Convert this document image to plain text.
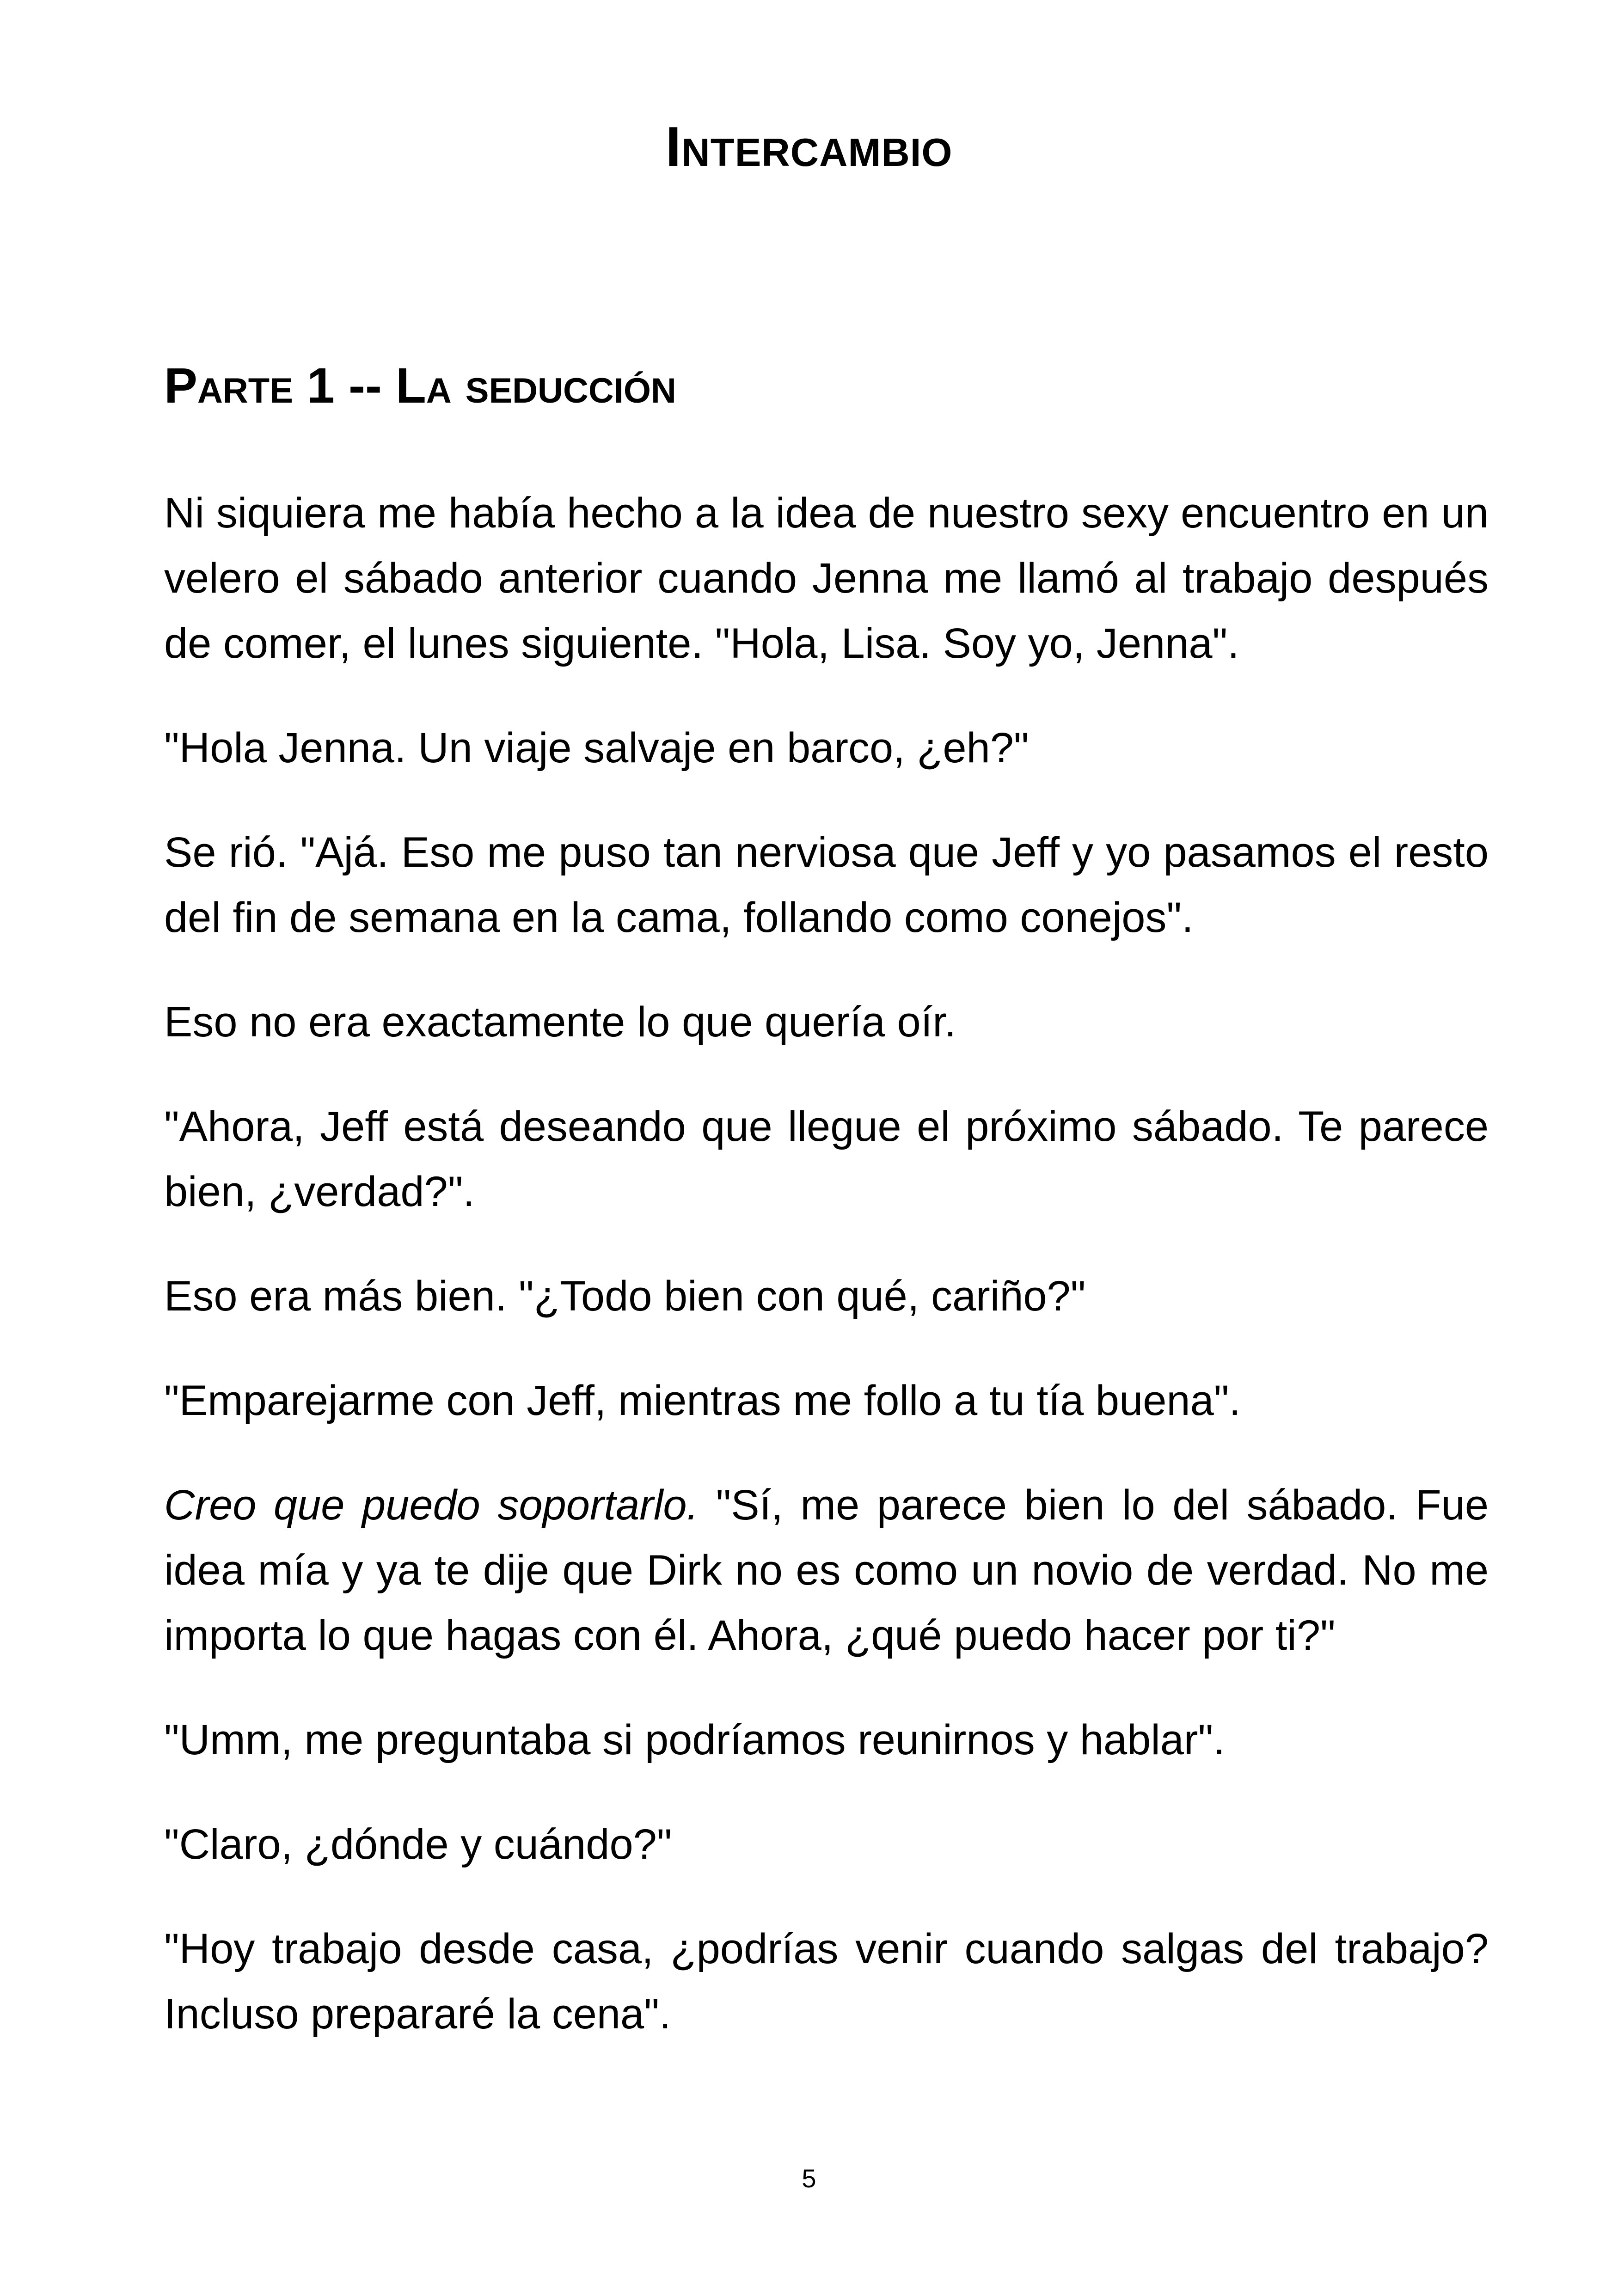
Intercambio
Parte 1 -- La seducción

Ni siquiera me había hecho a la idea de nuestro sexy encuentro en un velero el sábado anterior cuando Jenna me llamó al trabajo después de comer, el lunes siguiente. "Hola, Lisa. Soy yo, Jenna".

"Hola Jenna. Un viaje salvaje en barco, ¿eh?"

Se rió. "Ajá. Eso me puso tan nerviosa que Jeff y yo pasamos el resto del fin de semana en la cama, follando como conejos".

Eso no era exactamente lo que quería oír.

"Ahora, Jeff está deseando que llegue el próximo sábado. Te parece bien, ¿verdad?".

Eso era más bien. "¿Todo bien con qué, cariño?"

"Emparejarme con Jeff, mientras me follo a tu tía buena".

Creo que puedo soportarlo. "Sí, me parece bien lo del sábado. Fue idea mía y ya te dije que Dirk no es como un novio de verdad. No me importa lo que hagas con él. Ahora, ¿qué puedo hacer por ti?"

"Umm, me preguntaba si podríamos reunirnos y hablar".

"Claro, ¿dónde y cuándo?"

"Hoy trabajo desde casa, ¿podrías venir cuando salgas del trabajo? Incluso prepararé la cena".

5
